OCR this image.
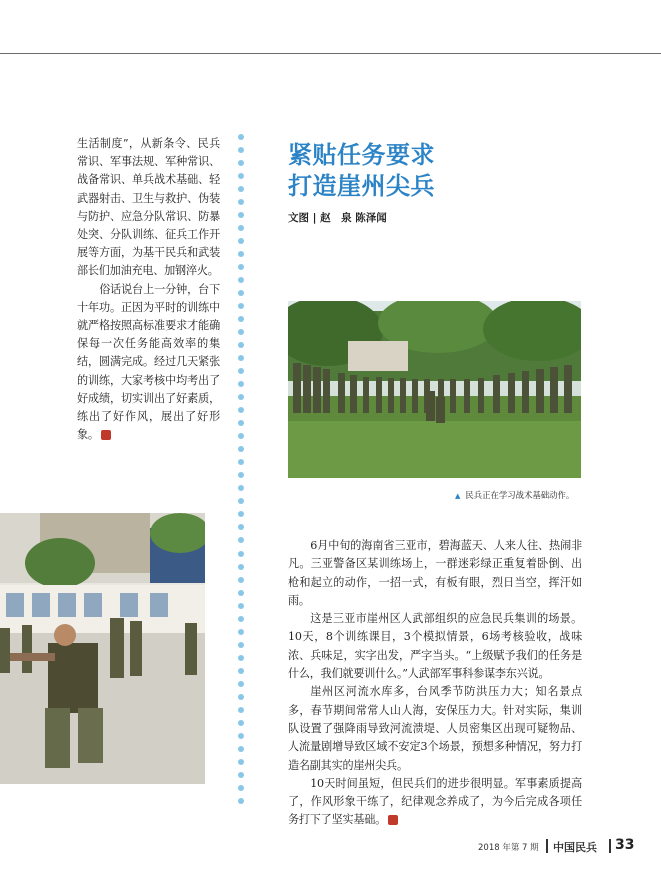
生活制度”，从新条令、民兵常识、军事法规、军种常识、战备常识、单兵战术基础、轻武器射击、卫生与救护、伪装与防护、应急分队常识、防暴处突、分队训练、征兵工作开展等方面，为基干民兵和武装部长们加油充电、加钢淬火。

俗话说台上一分钟，台下十年功。正因为平时的训练中就严格按照高标准要求才能确保每一次任务能高效率的集结，圆满完成。经过几天紧张的训练，大家考核中均考出了好成绩，切实训出了好素质，练出了好作风，展出了好形象。	■

紧贴任务要求
打造崖州尖兵
文图 | 赵　泉 陈泽闻
▲ 民兵正在学习战术基础动作。

6月中旬的海南省三亚市，碧海蓝天、人来人往、热闹非凡。三亚警备区某训练场上，一群迷彩绿正重复着卧倒、出枪和起立的动作，一招一式，有板有眼，烈日当空，挥汗如雨。

这是三亚市崖州区人武部组织的应急民兵集训的场景。10天，8个训练课目，3个模拟情景，6场考核验收，战味浓、兵味足，实字出发，严字当头。“上级赋予我们的任务是什么，我们就要训什么。”人武部军事科参谋李东兴说。

崖州区河流水库多，台风季节防洪压力大；知名景点多，春节期间常常人山人海，安保压力大。针对实际，集训队设置了强降雨导致河流溃堤、人员密集区出现可疑物品、人流量剧增导致区域不安定3个场景，预想多种情况，努力打造名副其实的崖州尖兵。

10天时间虽短，但民兵们的进步很明显。军事素质提高了，作风形象干练了，纪律观念养成了，为今后完成各项任务打下了坚实基础。	■

2018 年第 7 期 中国民兵 33
